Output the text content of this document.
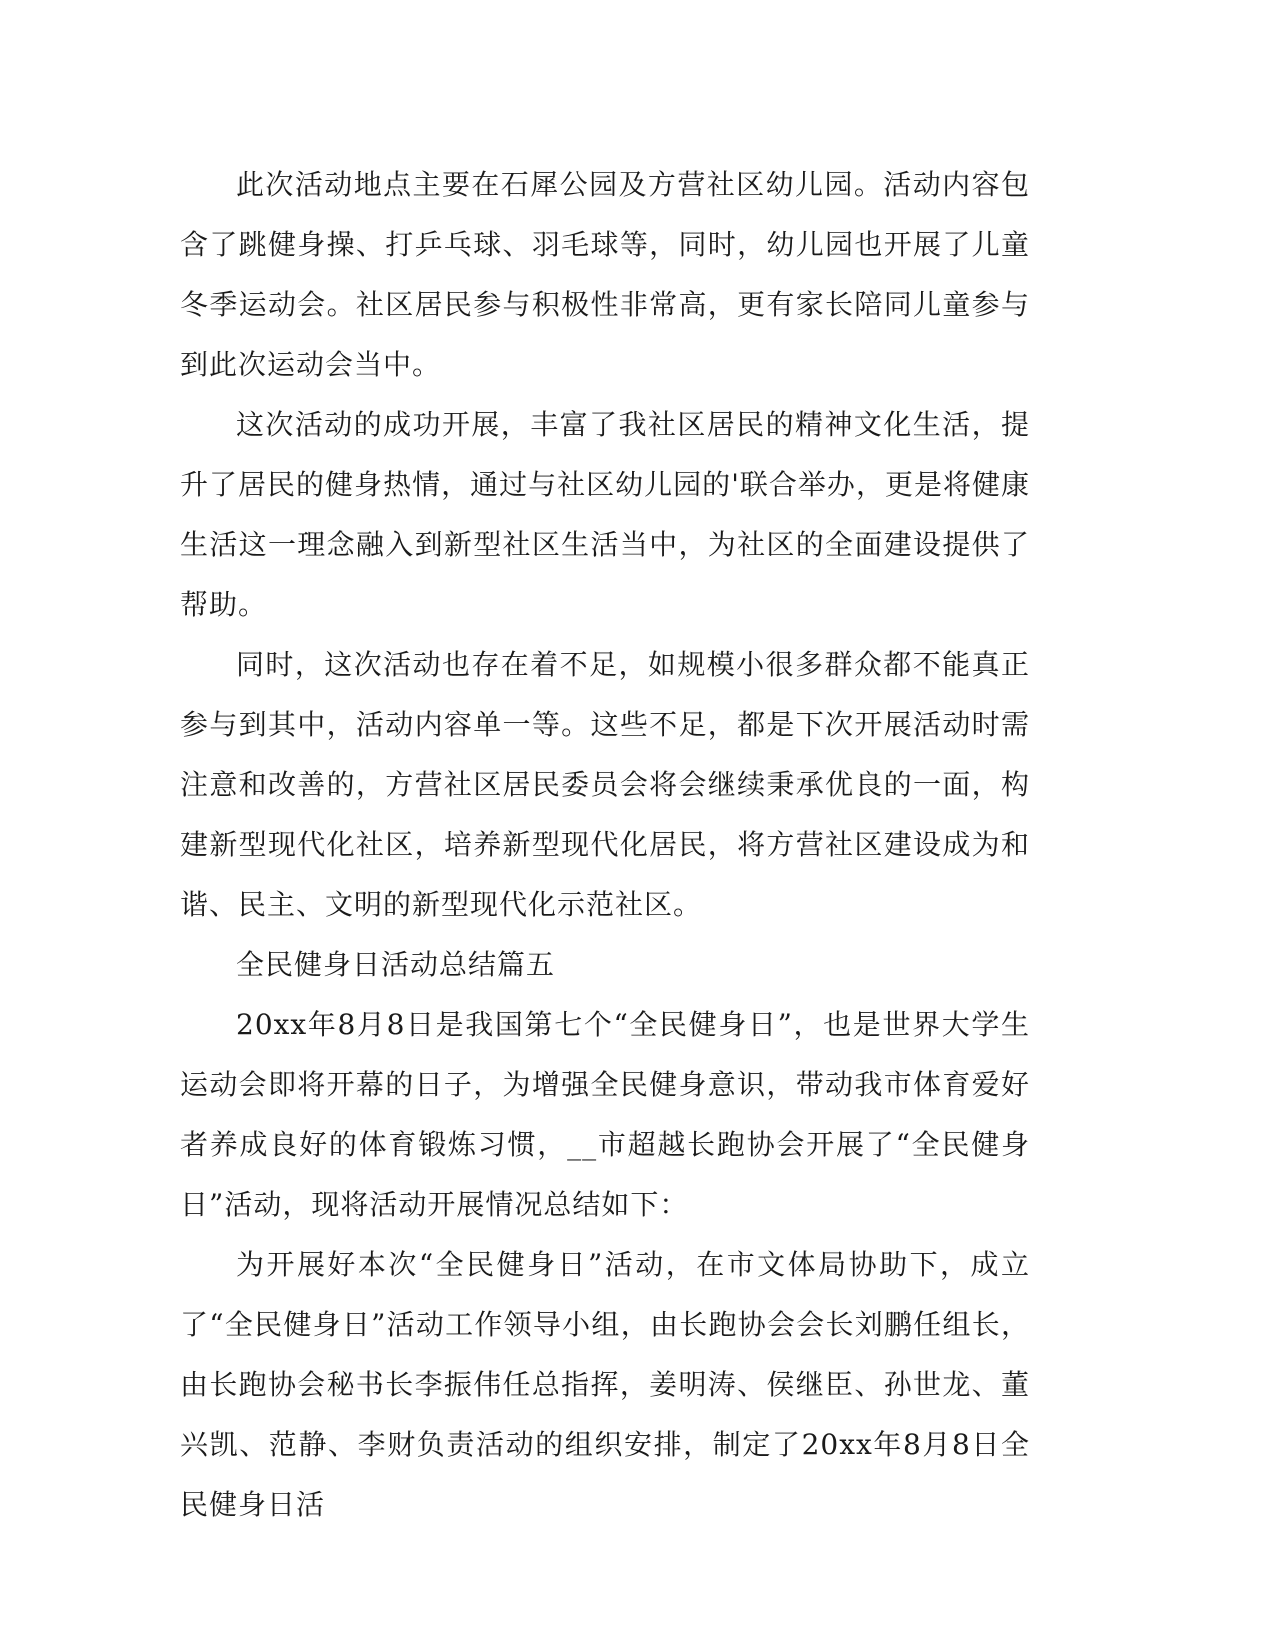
此次活动地点主要在石犀公园及方营社区幼儿园。活动内容包含了跳健身操、打乒乓球、羽毛球等，同时，幼儿园也开展了儿童冬季运动会。社区居民参与积极性非常高，更有家长陪同儿童参与到此次运动会当中。

这次活动的成功开展，丰富了我社区居民的精神文化生活，提升了居民的健身热情，通过与社区幼儿园的'联合举办，更是将健康生活这一理念融入到新型社区生活当中，为社区的全面建设提供了帮助。

同时，这次活动也存在着不足，如规模小很多群众都不能真正参与到其中，活动内容单一等。这些不足，都是下次开展活动时需注意和改善的，方营社区居民委员会将会继续秉承优良的一面，构建新型现代化社区，培养新型现代化居民，将方营社区建设成为和谐、民主、文明的新型现代化示范社区。

全民健身日活动总结篇五

20xx年8月8日是我国第七个“全民健身日”，也是世界大学生运动会即将开幕的日子，为增强全民健身意识，带动我市体育爱好者养成良好的体育锻炼习惯，__市超越长跑协会开展了“全民健身日”活动，现将活动开展情况总结如下：

为开展好本次“全民健身日”活动，在市文体局协助下，成立了“全民健身日”活动工作领导小组，由长跑协会会长刘鹏任组长，由长跑协会秘书长李振伟任总指挥，姜明涛、侯继臣、孙世龙、董兴凯、范静、李财负责活动的组织安排，制定了20xx年8月8日全民健身日活
